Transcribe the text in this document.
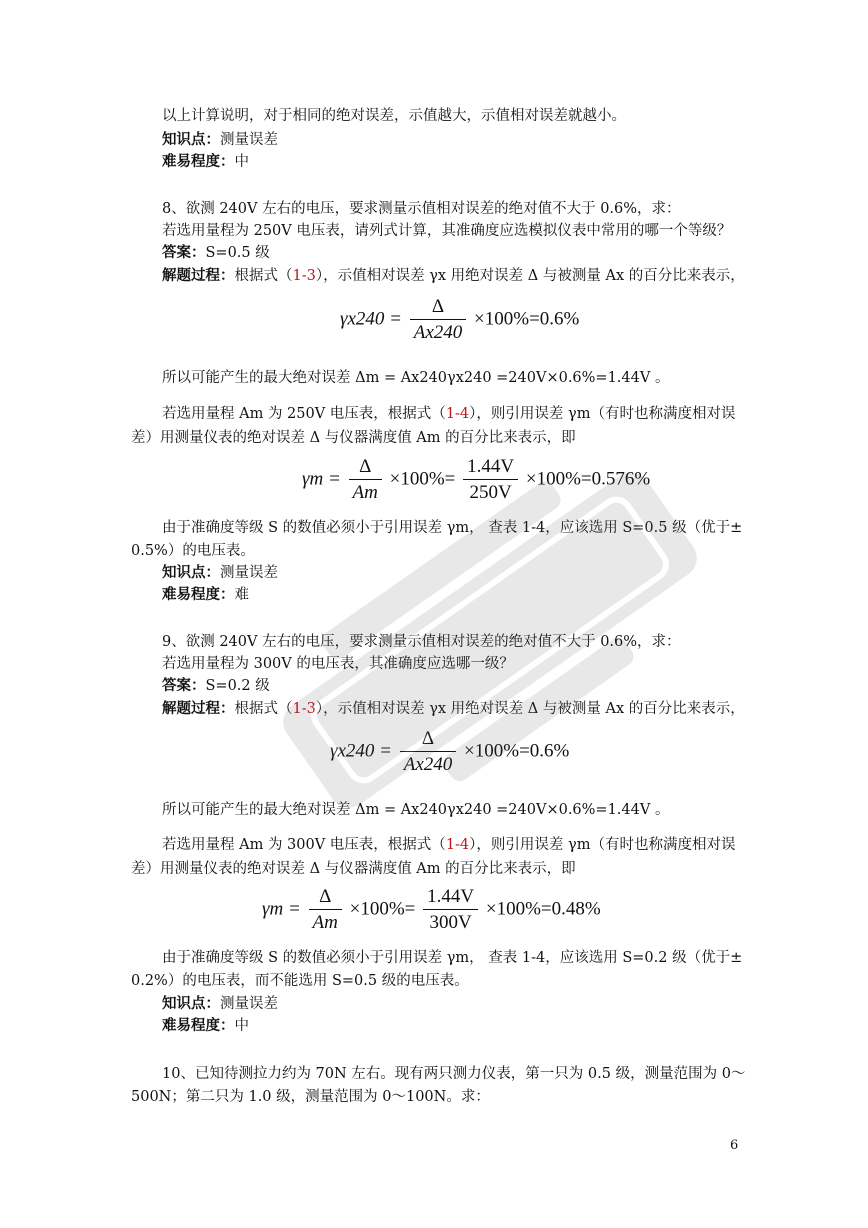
以上计算说明，对于相同的绝对误差，示值越大，示值相对误差就越小。
知识点：测量误差
难易程度：中
8、欲测 240V 左右的电压，要求测量示值相对误差的绝对值不大于 0.6%，求：
若选用量程为 250V 电压表，请列式计算，其准确度应选模拟仪表中常用的哪一个等级？
答案：S=0.5 级
解题过程：根据式（1-3），示值相对误差 γx 用绝对误差 Δ 与被测量 Ax 的百分比来表示，
$\gamma x240 = \frac{\Delta}{Ax240} \times 100\%=0.6\%$
所以可能产生的最大绝对误差 Δm = Ax240γx240 =240V×0.6%=1.44V 。
若选用量程 Am 为 250V 电压表，根据式（1-4），则引用误差 γm（有时也称满度相对误
差）用测量仪表的绝对误差 Δ 与仪器满度值 Am 的百分比来表示，即
$\gamma m = \frac{\Delta}{Am} \times 100\%= \frac{1.44V}{250V} \times 100\%=0.576\%$
由于准确度等级 S 的数值必须小于引用误差 γm， 查表 1-4，应该选用 S=0.5 级（优于±
0.5%）的电压表。
知识点：测量误差
难易程度：难
9、欲测 240V 左右的电压，要求测量示值相对误差的绝对值不大于 0.6%，求：
若选用量程为 300V 的电压表，其准确度应选哪一级？
答案：S=0.2 级
解题过程：根据式（1-3），示值相对误差 γx 用绝对误差 Δ 与被测量 Ax 的百分比来表示，
$\gamma x240 = \frac{\Delta}{Ax240} \times 100\%=0.6\%$
所以可能产生的最大绝对误差 Δm = Ax240γx240 =240V×0.6%=1.44V 。
若选用量程 Am 为 300V 电压表，根据式（1-4），则引用误差 γm（有时也称满度相对误
差）用测量仪表的绝对误差 Δ 与仪器满度值 Am 的百分比来表示，即
$\gamma m = \frac{\Delta}{Am} \times 100\%= \frac{1.44V}{300V} \times 100\%=0.48\%$
由于准确度等级 S 的数值必须小于引用误差 γm， 查表 1-4，应该选用 S=0.2 级（优于±
0.2%）的电压表，而不能选用 S=0.5 级的电压表。
知识点：测量误差
难易程度：中
10、已知待测拉力约为 70N 左右。现有两只测力仪表，第一只为 0.5 级，测量范围为 0～
500N；第二只为 1.0 级，测量范围为 0～100N。求：
6
